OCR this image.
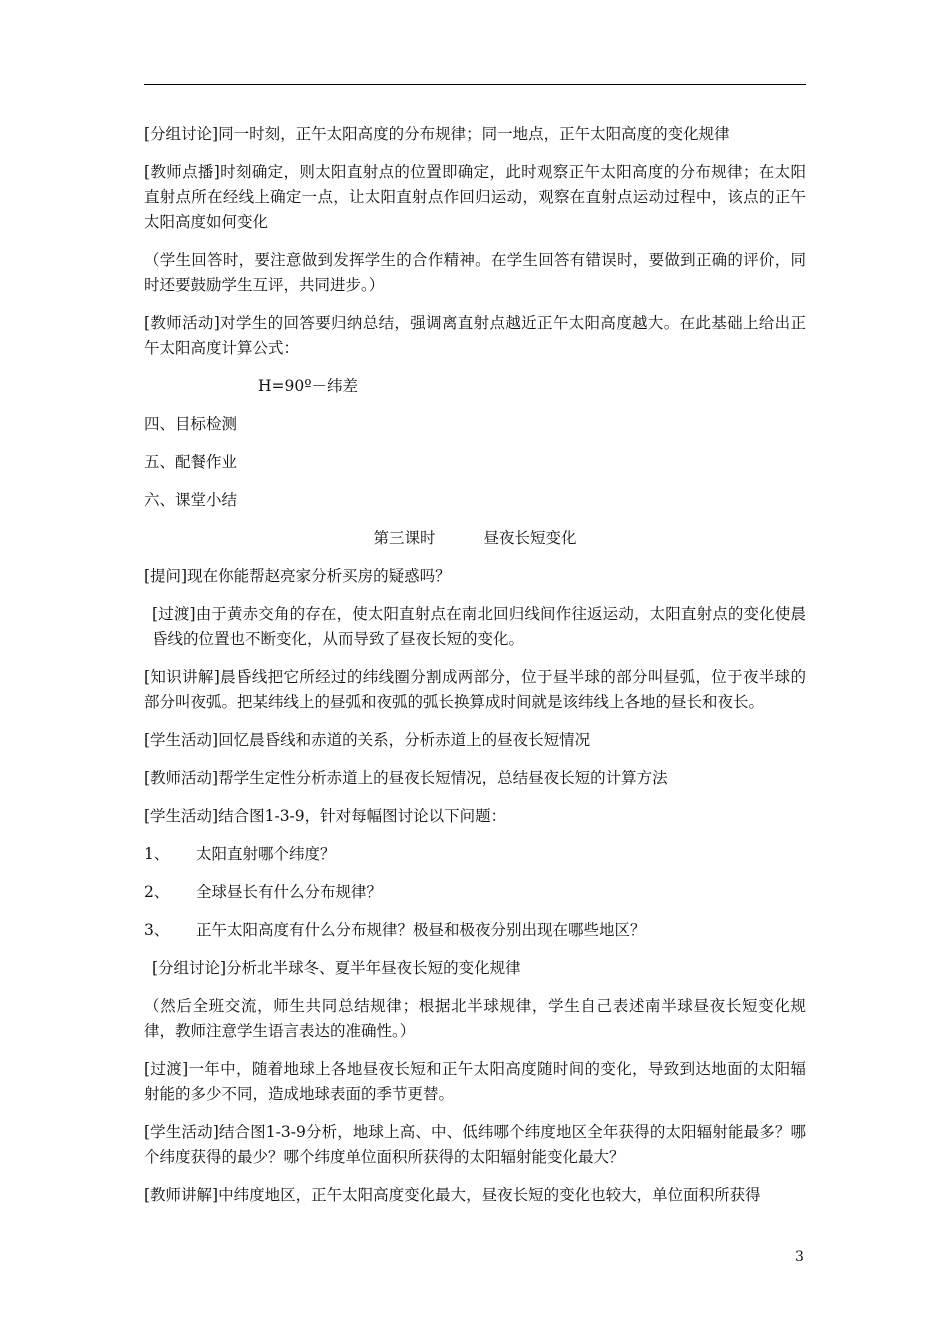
[分组讨论]同一时刻，正午太阳高度的分布规律；同一地点，正午太阳高度的变化规律

[教师点播]时刻确定，则太阳直射点的位置即确定，此时观察正午太阳高度的分布规律；在太阳直射点所在经线上确定一点，让太阳直射点作回归运动，观察在直射点运动过程中，该点的正午太阳高度如何变化

（学生回答时，要注意做到发挥学生的合作精神。在学生回答有错误时，要做到正确的评价，同时还要鼓励学生互评，共同进步。）

[教师活动]对学生的回答要归纳总结，强调离直射点越近正午太阳高度越大。在此基础上给出正午太阳高度计算公式：

H=90º－纬差

四、目标检测

五、配餐作业

六、课堂小结

第三课时	昼夜长短变化

[提问]现在你能帮赵亮家分析买房的疑惑吗？

[过渡]由于黄赤交角的存在，使太阳直射点在南北回归线间作往返运动，太阳直射点的变化使晨昏线的位置也不断变化，从而导致了昼夜长短的变化。

[知识讲解]晨昏线把它所经过的纬线圈分割成两部分，位于昼半球的部分叫昼弧，位于夜半球的部分叫夜弧。把某纬线上的昼弧和夜弧的弧长换算成时间就是该纬线上各地的昼长和夜长。

[学生活动]回忆晨昏线和赤道的关系，分析赤道上的昼夜长短情况

[教师活动]帮学生定性分析赤道上的昼夜长短情况，总结昼夜长短的计算方法

[学生活动]结合图1-3-9，针对每幅图讨论以下问题：

1、	太阳直射哪个纬度？
2、	全球昼长有什么分布规律？
3、	正午太阳高度有什么分布规律？极昼和极夜分别出现在哪些地区？

[分组讨论]分析北半球冬、夏半年昼夜长短的变化规律

（然后全班交流，师生共同总结规律；根据北半球规律，学生自己表述南半球昼夜长短变化规律，教师注意学生语言表达的准确性。）

[过渡]一年中，随着地球上各地昼夜长短和正午太阳高度随时间的变化，导致到达地面的太阳辐射能的多少不同，造成地球表面的季节更替。

[学生活动]结合图1-3-9分析，地球上高、中、低纬哪个纬度地区全年获得的太阳辐射能最多？哪个纬度获得的最少？哪个纬度单位面积所获得的太阳辐射能变化最大？

[教师讲解]中纬度地区，正午太阳高度变化最大，昼夜长短的变化也较大，单位面积所获得

3
